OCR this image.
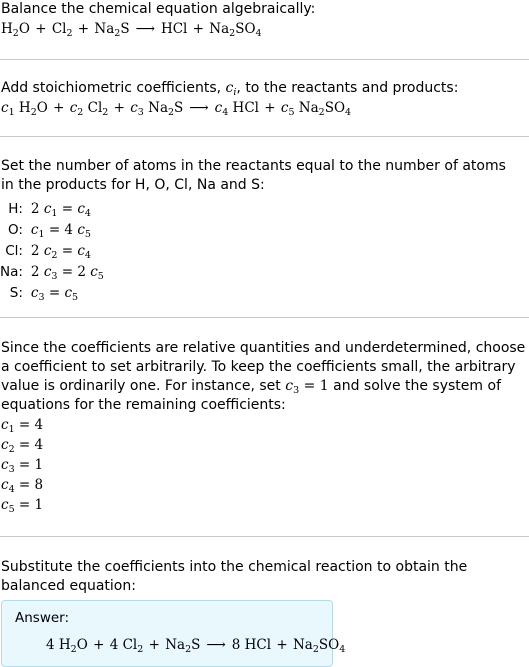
Balance the chemical equation algebraically:
$H_2O + Cl_2 + Na_2S$ ⟶ HCl + $Na_2SO_4$
Add stoichiometric coefficients, $c_i$, to the reactants and products:
$c_1$ $H_2O + c_2$ $Cl_2 + c_3$ $Na_2S$ ⟶ $c_4$ HCl + $c_5$ $Na_2SO_4$
Set the number of atoms in the reactants equal to the number of atoms in the products for H, O, Cl, Na and S:
H:	2 $c_1 = c_4$
O:	$c_1 = 4$ $c_5$
Cl:	2 $c_2 = c_4$
Na:	2 $c_3 = 2$ $c_5$
S:	$c_3 = c_5$
Since the coefficients are relative quantities and underdetermined, choose a coefficient to set arbitrarily. To keep the coefficients small, the arbitrary value is ordinarily one. For instance, set $c_3 = 1$ and solve the system of equations for the remaining coefficients:
$c_1 = 4$
$c_2 = 4$
$c_3 = 1$
$c_4 = 8$
$c_5 = 1$
Substitute the coefficients into the chemical reaction to obtain the balanced equation:
Answer:
4 $H_2O + 4$ $Cl_2 + Na_2S$ ⟶ 8 HCl + $Na_2SO_4$
